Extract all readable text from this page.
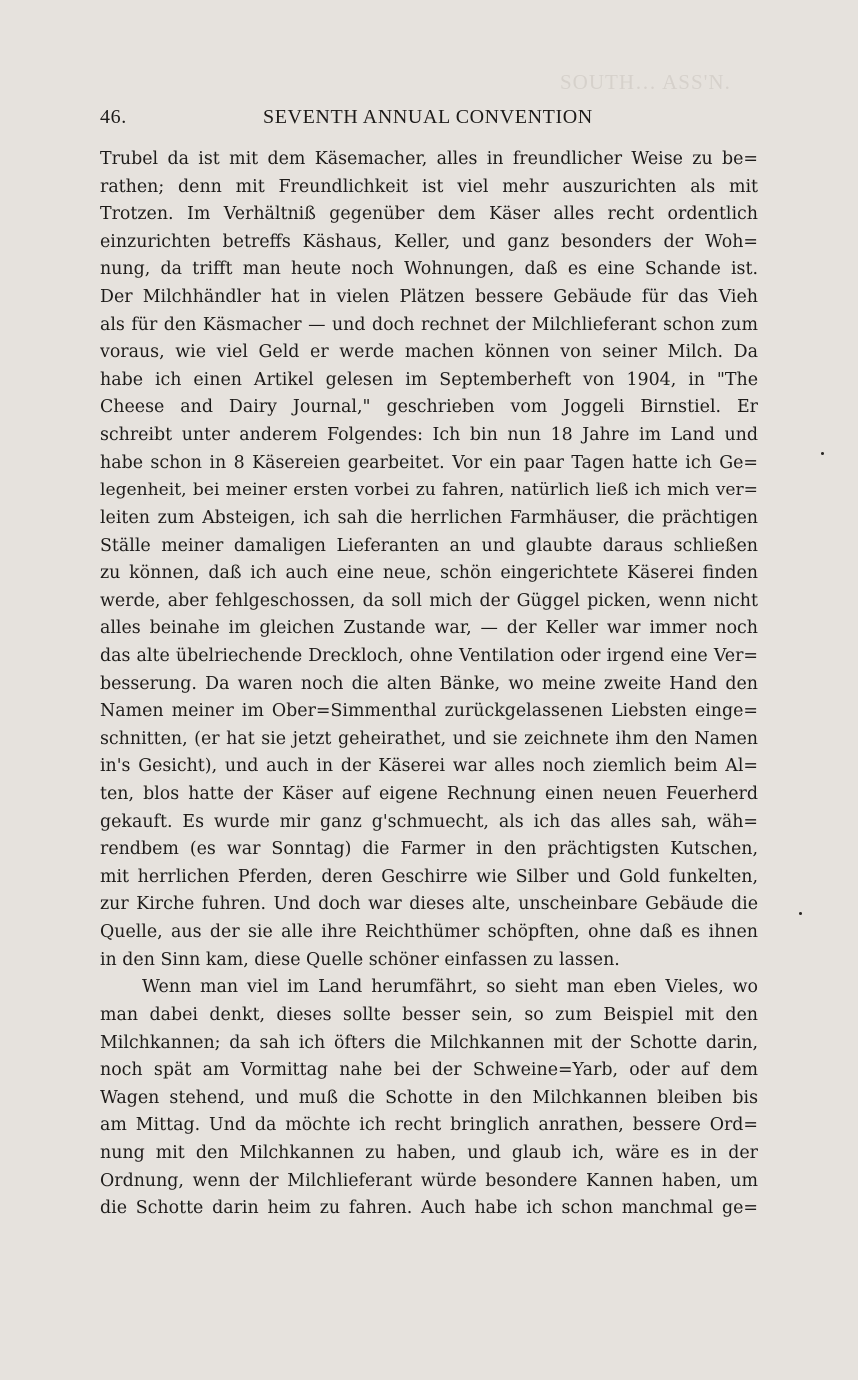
SOUTH… ASS'N.
46.	SEVENTH ANNUAL CONVENTION
Trubel da ist mit dem Käsemacher, alles in freundlicher Weise zu be=
rathen; denn mit Freundlichkeit ist viel mehr auszurichten als mit
Trotzen. Im Verhältniß gegenüber dem Käser alles recht ordentlich
einzurichten betreffs Käshaus, Keller, und ganz besonders der Woh=
nung, da trifft man heute noch Wohnungen, daß es eine Schande ist.
Der Milchhändler hat in vielen Plätzen bessere Gebäude für das Vieh
als für den Käsmacher — und doch rechnet der Milchlieferant schon zum
voraus, wie viel Geld er werde machen können von seiner Milch. Da
habe ich einen Artikel gelesen im Septemberheft von 1904, in "The
Cheese and Dairy Journal," geschrieben vom Joggeli Birnstiel. Er
schreibt unter anderem Folgendes: Ich bin nun 18 Jahre im Land und
habe schon in 8 Käsereien gearbeitet. Vor ein paar Tagen hatte ich Ge=
legenheit, bei meiner ersten vorbei zu fahren, natürlich ließ ich mich ver=
leiten zum Absteigen, ich sah die herrlichen Farmhäuser, die prächtigen
Ställe meiner damaligen Lieferanten an und glaubte daraus schließen
zu können, daß ich auch eine neue, schön eingerichtete Käserei finden
werde, aber fehlgeschossen, da soll mich der Güggel picken, wenn nicht
alles beinahe im gleichen Zustande war, — der Keller war immer noch
das alte übelriechende Dreckloch, ohne Ventilation oder irgend eine Ver=
besserung. Da waren noch die alten Bänke, wo meine zweite Hand den
Namen meiner im Ober=Simmenthal zurückgelassenen Liebsten einge=
schnitten, (er hat sie jetzt geheirathet, und sie zeichnete ihm den Namen
in's Gesicht), und auch in der Käserei war alles noch ziemlich beim Al=
ten, blos hatte der Käser auf eigene Rechnung einen neuen Feuerherd
gekauft. Es wurde mir ganz g'schmuecht, als ich das alles sah, wäh=
rendbem (es war Sonntag) die Farmer in den prächtigsten Kutschen,
mit herrlichen Pferden, deren Geschirre wie Silber und Gold funkelten,
zur Kirche fuhren. Und doch war dieses alte, unscheinbare Gebäude die
Quelle, aus der sie alle ihre Reichthümer schöpften, ohne daß es ihnen
in den Sinn kam, diese Quelle schöner einfassen zu lassen.
Wenn man viel im Land herumfährt, so sieht man eben Vieles, wo
man dabei denkt, dieses sollte besser sein, so zum Beispiel mit den
Milchkannen; da sah ich öfters die Milchkannen mit der Schotte darin,
noch spät am Vormittag nahe bei der Schweine=Yarb, oder auf dem
Wagen stehend, und muß die Schotte in den Milchkannen bleiben bis
am Mittag. Und da möchte ich recht bringlich anrathen, bessere Ord=
nung mit den Milchkannen zu haben, und glaub ich, wäre es in der
Ordnung, wenn der Milchlieferant würde besondere Kannen haben, um
die Schotte darin heim zu fahren. Auch habe ich schon manchmal ge=
